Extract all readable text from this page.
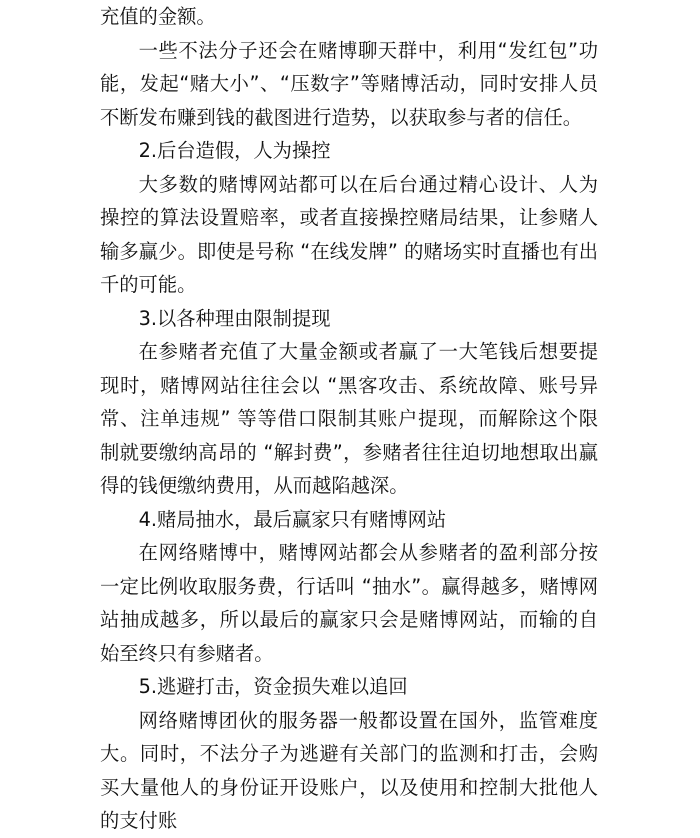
充值的金额。

一些不法分子还会在赌博聊天群中，利用“发红包”功能，发起“赌大小”、“压数字”等赌博活动，同时安排人员不断发布赚到钱的截图进行造势，以获取参与者的信任。

2.后台造假，人为操控

大多数的赌博网站都可以在后台通过精心设计、人为操控的算法设置赔率，或者直接操控赌局结果，让参赌人输多赢少。即使是号称 “在线发牌” 的赌场实时直播也有出千的可能。

3.以各种理由限制提现

在参赌者充值了大量金额或者赢了一大笔钱后想要提现时，赌博网站往往会以 “黑客攻击、系统故障、账号异常、注单违规” 等等借口限制其账户提现，而解除这个限制就要缴纳高昂的 “解封费”，参赌者往往迫切地想取出赢得的钱便缴纳费用，从而越陷越深。

4.赌局抽水，最后赢家只有赌博网站

在网络赌博中，赌博网站都会从参赌者的盈利部分按一定比例收取服务费，行话叫 “抽水”。赢得越多，赌博网站抽成越多，所以最后的赢家只会是赌博网站，而输的自始至终只有参赌者。

5.逃避打击，资金损失难以追回

网络赌博团伙的服务器一般都设置在国外，监管难度大。同时，不法分子为逃避有关部门的监测和打击，会购买大量他人的身份证开设账户，以及使用和控制大批他人的支付账
